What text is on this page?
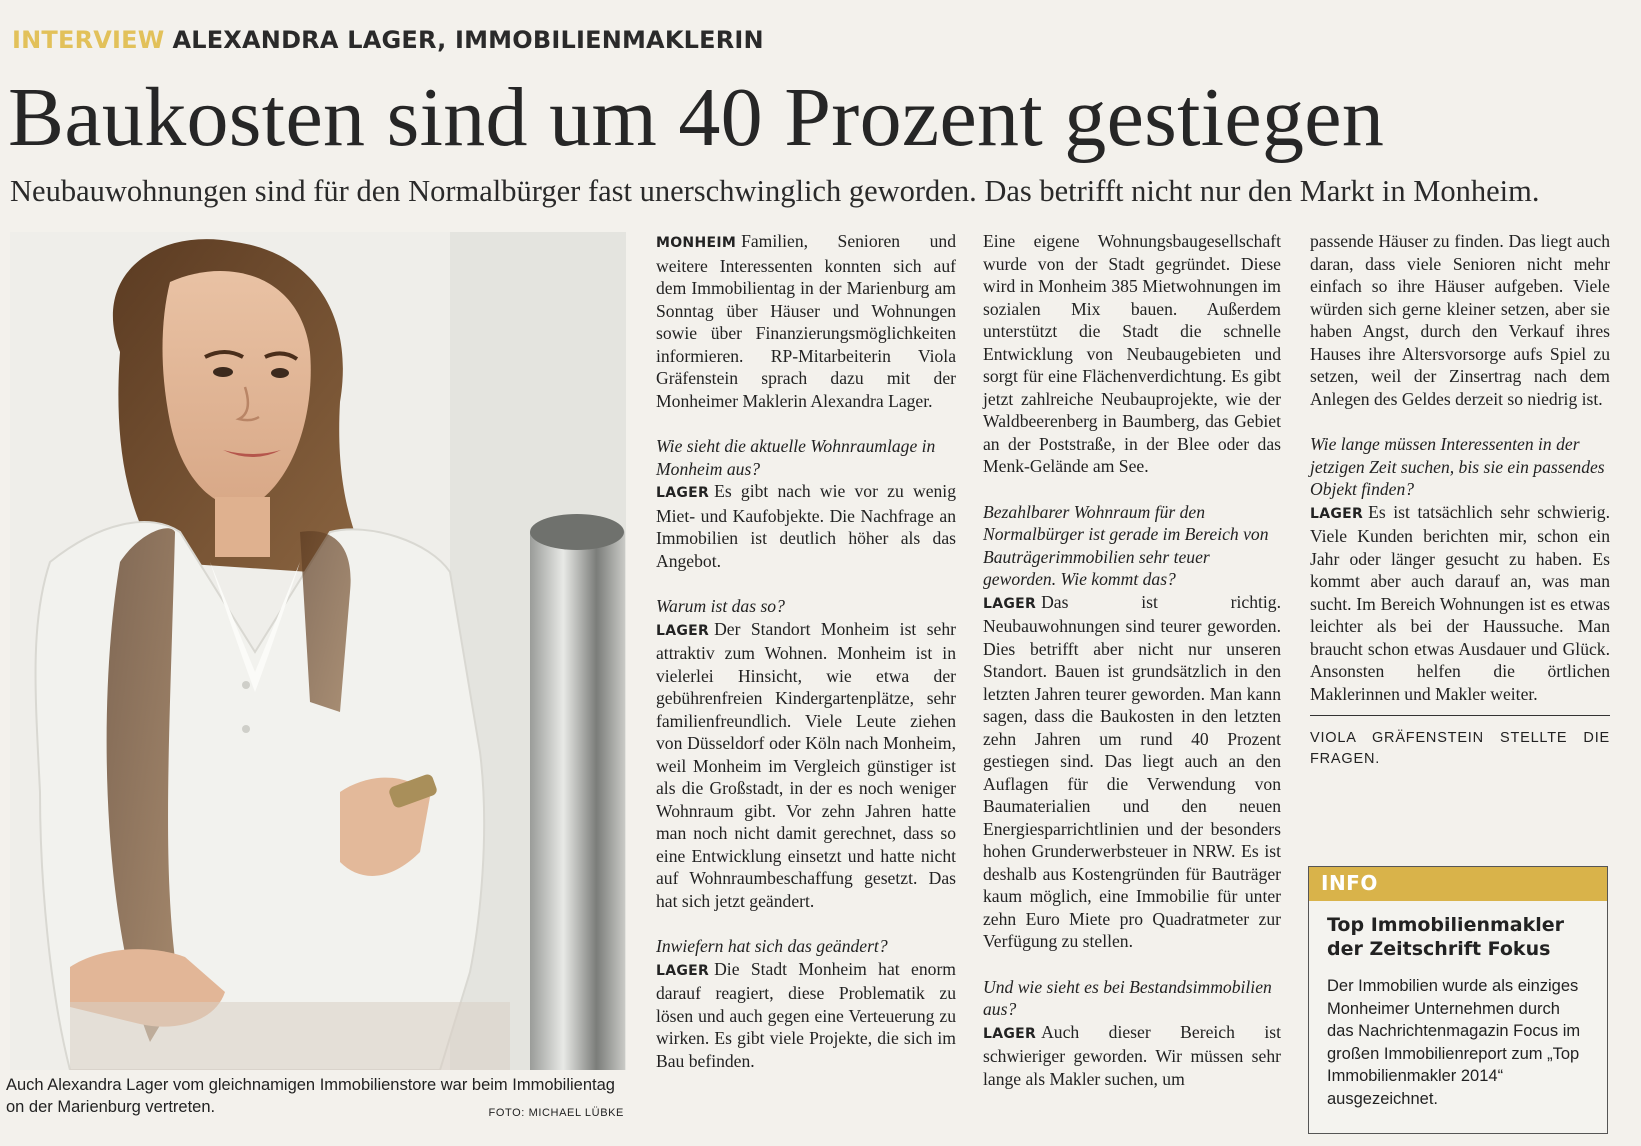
INTERVIEW ALEXANDRA LAGER, IMMOBILIENMAKLERIN
Baukosten sind um 40 Prozent gestiegen
Neubauwohnungen sind für den Normalbürger fast unerschwinglich geworden. Das betrifft nicht nur den Markt in Monheim.
Auch Alexandra Lager vom gleichnamigen Immobilienstore war beim Immobilientag on der Marienburg vertreten.	FOTO: MICHAEL LÜBKE

MONHEIM Familien, Senioren und weitere Interessenten konnten sich auf dem Immobilientag in der Marienburg am Sonntag über Häuser und Wohnungen sowie über Finanzierungsmöglichkeiten informieren. RP-Mitarbeiterin Viola Gräfenstein sprach dazu mit der Monheimer Maklerin Alexandra Lager.

Wie sieht die aktuelle Wohnraumlage in Monheim aus?

LAGER Es gibt nach wie vor zu wenig Miet- und Kaufobjekte. Die Nachfrage an Immobilien ist deutlich höher als das Angebot.

Warum ist das so?

LAGER Der Standort Monheim ist sehr attraktiv zum Wohnen. Monheim ist in vielerlei Hinsicht, wie etwa der gebührenfreien Kindergartenplätze, sehr familienfreundlich. Viele Leute ziehen von Düsseldorf oder Köln nach Monheim, weil Monheim im Vergleich günstiger ist als die Großstadt, in der es noch weniger Wohnraum gibt. Vor zehn Jahren hatte man noch nicht damit gerechnet, dass so eine Entwicklung einsetzt und hatte nicht auf Wohnraumbeschaffung gesetzt. Das hat sich jetzt geändert.

Inwiefern hat sich das geändert?

LAGER Die Stadt Monheim hat enorm darauf reagiert, diese Problematik zu lösen und auch gegen eine Verteuerung zu wirken. Es gibt viele Projekte, die sich im Bau befinden.

Eine eigene Wohnungsbaugesellschaft wurde von der Stadt gegründet. Diese wird in Monheim 385 Mietwohnungen im sozialen Mix bauen. Außerdem unterstützt die Stadt die schnelle Entwicklung von Neubaugebieten und sorgt für eine Flächenverdichtung. Es gibt jetzt zahlreiche Neubauprojekte, wie der Waldbeerenberg in Baumberg, das Gebiet an der Poststraße, in der Blee oder das Menk-Gelände am See.

Bezahlbarer Wohnraum für den Normalbürger ist gerade im Bereich von Bauträgerimmobilien sehr teuer geworden. Wie kommt das?

LAGER Das ist richtig. Neubauwohnungen sind teurer geworden. Dies betrifft aber nicht nur unseren Standort. Bauen ist grundsätzlich in den letzten Jahren teurer geworden. Man kann sagen, dass die Baukosten in den letzten zehn Jahren um rund 40 Prozent gestiegen sind. Das liegt auch an den Auflagen für die Verwendung von Baumaterialien und den neuen Energiesparrichtlinien und der besonders hohen Grunderwerbsteuer in NRW. Es ist deshalb aus Kostengründen für Bauträger kaum möglich, eine Immobilie für unter zehn Euro Miete pro Quadratmeter zur Verfügung zu stellen.

Und wie sieht es bei Bestandsimmobilien aus?

LAGER Auch dieser Bereich ist schwieriger geworden. Wir müssen sehr lange als Makler suchen, um

passende Häuser zu finden. Das liegt auch daran, dass viele Senioren nicht mehr einfach so ihre Häuser aufgeben. Viele würden sich gerne kleiner setzen, aber sie haben Angst, durch den Verkauf ihres Hauses ihre Altersvorsorge aufs Spiel zu setzen, weil der Zinsertrag nach dem Anlegen des Geldes derzeit so niedrig ist.

Wie lange müssen Interessenten in der jetzigen Zeit suchen, bis sie ein passendes Objekt finden?

LAGER Es ist tatsächlich sehr schwierig. Viele Kunden berichten mir, schon ein Jahr oder länger gesucht zu haben. Es kommt aber auch darauf an, was man sucht. Im Bereich Wohnungen ist es etwas leichter als bei der Haussuche. Man braucht schon etwas Ausdauer und Glück. Ansonsten helfen die örtlichen Maklerinnen und Makler weiter.

VIOLA GRÄFENSTEIN STELLTE DIE FRAGEN.

INFO
Top Immobilienmakler der Zeitschrift Fokus
Der Immobilien wurde als einziges Monheimer Unternehmen durch das Nachrichtenmagazin Focus im großen Immobilienreport zum „Top Immobilienmakler 2014“ ausgezeichnet.
